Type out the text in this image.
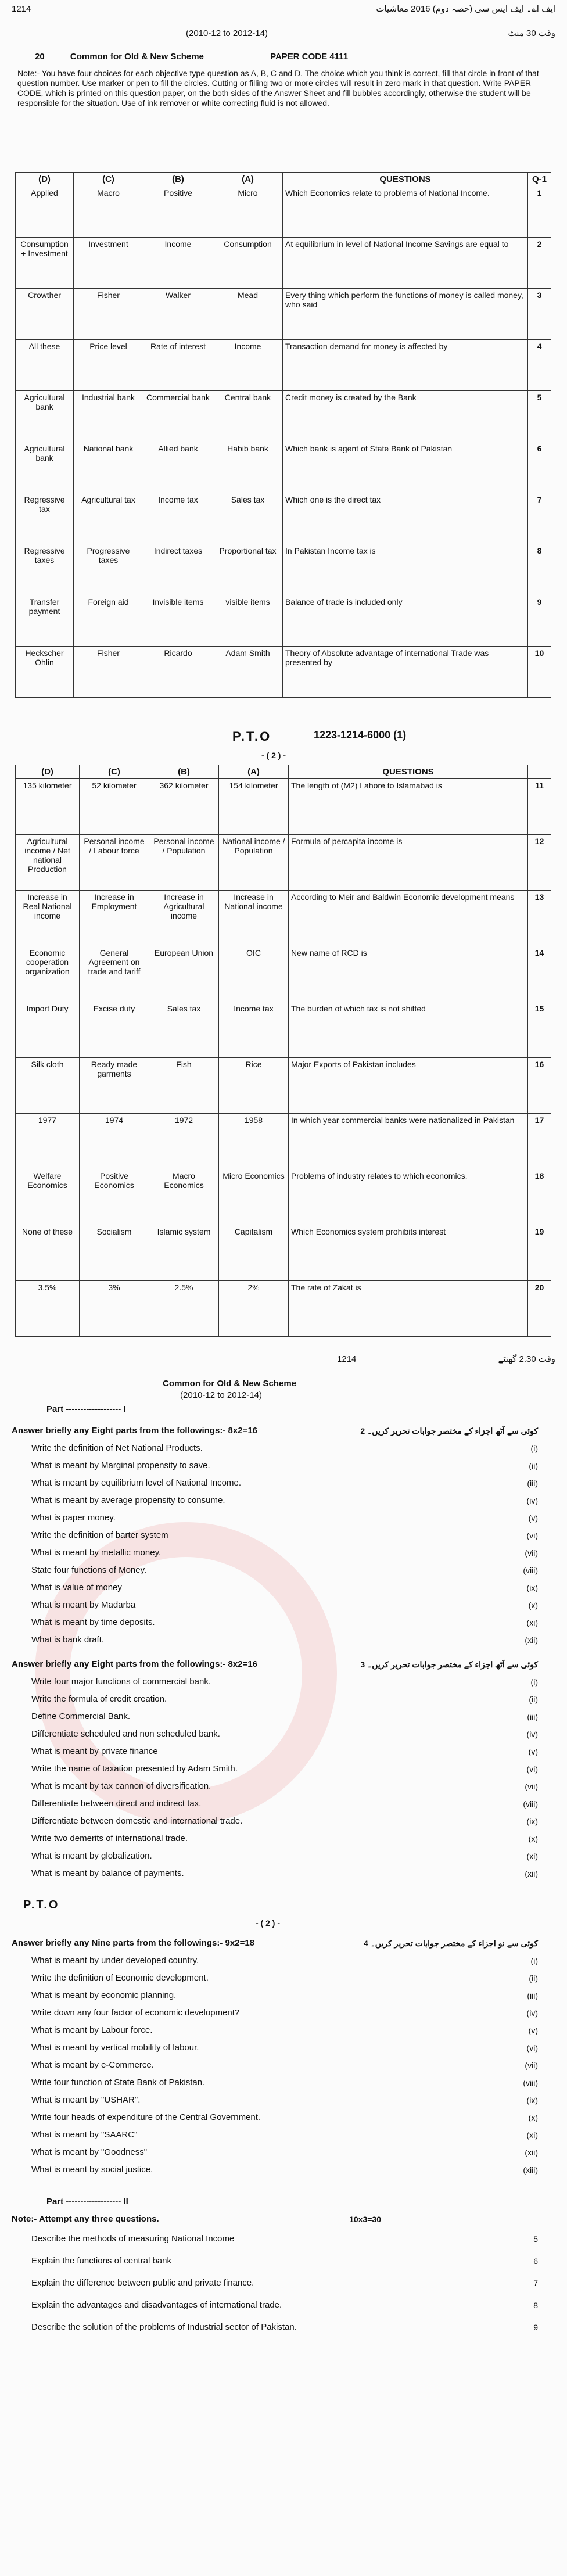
1214	ایف اے۔ ایف ایس سی (حصہ دوم) 2016 معاشیات
(2010-12 to 2012-14)	وقت 30 منٹ
20	Common for Old & New Scheme	PAPER CODE 4111
Note:- You have four choices for each objective type question as A, B, C and D. The choice which you think is correct, fill that circle in front of that question number. Use marker or pen to fill the circles. Cutting or filling two or more circles will result in zero mark in that question. Write PAPER CODE, which is printed on this question paper, on the both sides of the Answer Sheet and fill bubbles accordingly, otherwise the student will be responsible for the situation. Use of ink remover or white correcting fluid is not allowed.
(D)	(C)	(B)	(A)	QUESTIONS	Q-1
Applied	Macro	Positive	Micro	Which Economics relate to problems of National Income.	1
Consumption + Investment	Investment	Income	Consumption	At equilibrium in level of National Income Savings are equal to	2
Crowther	Fisher	Walker	Mead	Every thing which perform the functions of money is called money, who said	3
All these	Price level	Rate of interest	Income	Transaction demand for money is affected by	4
Agricultural bank	Industrial bank	Commercial bank	Central bank	Credit money is created by the Bank	5
Agricultural bank	National bank	Allied bank	Habib bank	Which bank is agent of State Bank of Pakistan	6
Regressive tax	Agricultural tax	Income tax	Sales tax	Which one is the direct tax	7
Regressive taxes	Progressive taxes	Indirect taxes	Proportional tax	In Pakistan Income tax is	8
Transfer payment	Foreign aid	Invisible items	visible items	Balance of trade is included only	9
Heckscher Ohlin	Fisher	Ricardo	Adam Smith	Theory of Absolute advantage of international Trade was presented by	10
P.T.O	1223-1214-6000 (1)
- ( 2 ) -
(D)	(C)	(B)	(A)	QUESTIONS	
135 kilometer	52 kilometer	362 kilometer	154 kilometer	The length of (M2) Lahore to Islamabad is	11
Agricultural income / Net national Production	Personal income / Labour force	Personal income / Population	National income / Population	Formula of percapita income is	12
Increase in Real National income	Increase in Employment	Increase in Agricultural income	Increase in National income	According to Meir and Baldwin Economic development means	13
Economic cooperation organization	General Agreement on trade and tariff	European Union	OIC	New name of RCD is	14
Import Duty	Excise duty	Sales tax	Income tax	The burden of which tax is not shifted	15
Silk cloth	Ready made garments	Fish	Rice	Major Exports of Pakistan includes	16
1977	1974	1972	1958	In which year commercial banks were nationalized in Pakistan	17
Welfare Economics	Positive Economics	Macro Economics	Micro Economics	Problems of industry relates to which economics.	18
None of these	Socialism	Islamic system	Capitalism	Which Economics system prohibits interest	19
3.5%	3%	2.5%	2%	The rate of Zakat is	20
1214	وقت 2.30 گھنٹے
Common for Old & New Scheme
(2010-12 to 2012-14)
Part ------------------- I
Answer briefly any Eight parts from the followings:- 8x2=16	کوئی سے آٹھ اجزاء کے مختصر جوابات تحریر کریں۔ 2
Write the definition of Net National Products.	(i)
What is meant by Marginal propensity to save.	(ii)
What is meant by equilibrium level of National Income.	(iii)
What is meant by average propensity to consume.	(iv)
What is paper money.	(v)
Write the definition of barter system	(vi)
What is meant by metallic money.	(vii)
State four functions of Money.	(viii)
What is value of money	(ix)
What is meant by Madarba	(x)
What is meant by time deposits.	(xi)
What is bank draft.	(xii)
Answer briefly any Eight parts from the followings:- 8x2=16	کوئی سے آٹھ اجزاء کے مختصر جوابات تحریر کریں۔ 3
Write four major functions of commercial bank.	(i)
Write the formula of credit creation.	(ii)
Define Commercial Bank.	(iii)
Differentiate scheduled and non scheduled bank.	(iv)
What is meant by private finance	(v)
Write the name of taxation presented by Adam Smith.	(vi)
What is meant by tax cannon of diversification.	(vii)
Differentiate between direct and indirect tax.	(viii)
Differentiate between domestic and international trade.	(ix)
Write two demerits of international trade.	(x)
What is meant by globalization.	(xi)
What is meant by balance of payments.	(xii)
P.T.O
- ( 2 ) -
Answer briefly any Nine parts from the followings:- 9x2=18	کوئی سے نو اجزاء کے مختصر جوابات تحریر کریں۔ 4
What is meant by under developed country.	(i)
Write the definition of Economic development.	(ii)
What is meant by economic planning.	(iii)
Write down any four factor of economic development?	(iv)
What is meant by Labour force.	(v)
What is meant by vertical mobility of labour.	(vi)
What is meant by e-Commerce.	(vii)
Write four function of State Bank of Pakistan.	(viii)
What is meant by "USHAR".	(ix)
Write four heads of expenditure of the Central Government.	(x)
What is meant by "SAARC"	(xi)
What is meant by "Goodness"	(xii)
What is meant by social justice.	(xiii)
Part ------------------- II
Note:- Attempt any three questions.	10x3=30
Describe the methods of measuring National Income	5
Explain the functions of central bank	6
Explain the difference between public and private finance.	7
Explain the advantages and disadvantages of international trade.	8
Describe the solution of the problems of Industrial sector of Pakistan.	9
